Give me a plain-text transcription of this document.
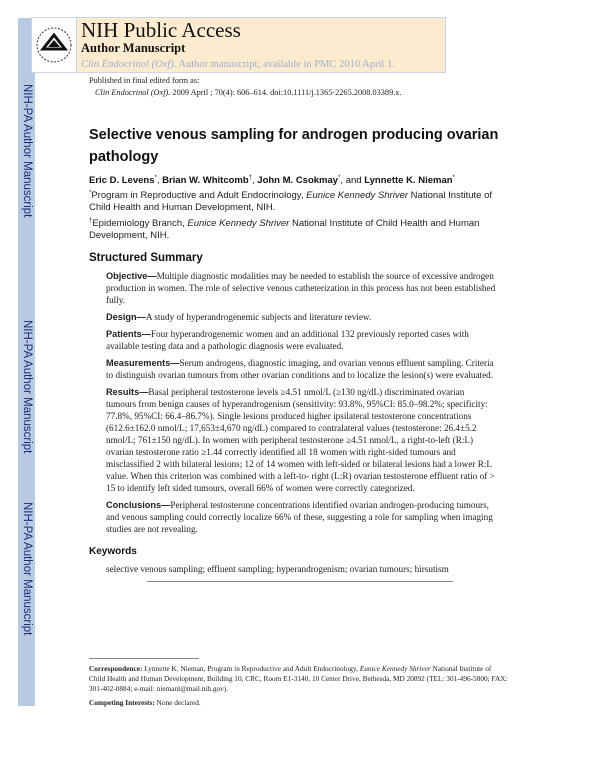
NIH-PA Author Manuscript
NIH-PA Author Manuscript
NIH-PA Author Manuscript
NIH Public Access
Author Manuscript
Clin Endocrinol (Oxf). Author manuscript; available in PMC 2010 April 1.
Published in final edited form as:
Clin Endocrinol (Oxf). 2009 April ; 70(4): 606–614. doi:10.1111/j.1365-2265.2008.03389.x.
Selective venous sampling for androgen producing ovarian pathology
Eric D. Levens*, Brian W. Whitcomb†, John M. Csokmay*, and Lynnette K. Nieman*
*Program in Reproductive and Adult Endocrinology, Eunice Kennedy Shriver National Institute of Child Health and Human Development, NIH.
†Epidemiology Branch, Eunice Kennedy Shriver National Institute of Child Health and Human Development, NIH.
Structured Summary

Objective—Multiple diagnostic modalities may be needed to establish the source of excessive androgen production in women. The role of selective venous catheterization in this process has not been established fully.

Design—A study of hyperandrogenemic subjects and literature review.

Patients—Four hyperandrogenemic women and an additional 132 previously reported cases with available testing data and a pathologic diagnosis were evaluated.

Measurements—Serum androgens, diagnostic imaging, and ovarian venous effluent sampling. Criteria to distinguish ovarian tumours from other ovarian conditions and to localize the lesion(s) were evaluated.

Results—Basal peripheral testosterone levels ≥4.51 nmol/L (≥130 ng/dL) discriminated ovarian tumours from benign causes of hyperandrogenism (sensitivity: 93.8%, 95%CI: 85.0–98.2%; specificity: 77.8%, 95%CI: 66.4–86.7%). Single lesions produced higher ipsilateral testosterone concentrations (612.6±162.0 nmol/L; 17,653±4,670 ng/dL) compared to contralateral values (testosterone: 26.4±5.2 nmol/L; 761±150 ng/dL). In women with peripheral testosterone ≥4.51 nmol/L, a right-to-left (R:L) ovarian testosterone ratio ≥1.44 correctly identified all 18 women with right-sided tumours and misclassified 2 with bilateral lesions; 12 of 14 women with left-sided or bilateral lesions had a lower R:L value. When this criterion was combined with a left-to- right (L:R) ovarian testosterone effluent ratio of > 15 to identify left sided tumours, overall 66% of women were correctly categorized.

Conclusions—Peripheral testosterone concentrations identified ovarian androgen-producing tumours, and venous sampling could correctly localize 66% of these, suggesting a role for sampling when imaging studies are not revealing.

Keywords
selective venous sampling; effluent sampling; hyperandrogenism; ovarian tumours; hirsutism
Correspondence: Lynnette K. Nieman, Program in Reproductive and Adult Endocrinology, Eunice Kennedy Shriver National Institute of Child Health and Human Development, Building 10, CRC, Room E1-3140, 10 Center Drive, Bethesda, MD 20892 (TEL: 301-496-5800; FAX: 301-402-0884; e-mail: niemanl@mail.nih.gov).
Competing Interests: None declared.
